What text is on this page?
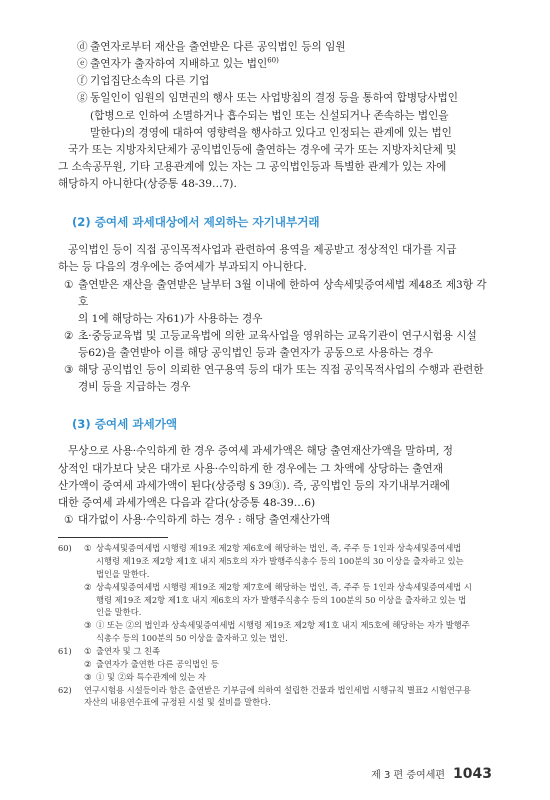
ⓓ 출연자로부터 재산을 출연받은 다른 공익법인 등의 임원

ⓔ 출연자가 출자하여 지배하고 있는 법인$^{60)}$

ⓕ 기업집단소속의 다른 기업

ⓖ 동일인이 임원의 임면권의 행사 또는 사업방침의 결정 등을 통하여 합병당사법인

(합병으로 인하여 소멸하거나 흡수되는 법인 또는 신설되거나 존속하는 법인을

말한다)의 경영에 대하여 영향력을 행사하고 있다고 인정되는 관계에 있는 법인

국가 또는 지방자치단체가 공익법인등에 출연하는 경우에 국가 또는 지방자치단체 및

그 소속공무원, 기타 고용관계에 있는 자는 그 공익법인등과 특별한 관계가 있는 자에

해당하지 아니한다(상증통 48-39…7).

(2) 증여세 과세대상에서 제외하는 자기내부거래

공익법인 등이 직접 공익목적사업과 관련하여 용역을 제공받고 정상적인 대가를 지급

하는 등 다음의 경우에는 증여세가 부과되지 아니한다.

① 출연받은 재산을 출연받은 날부터 3월 이내에 한하여 상속세및증여세법 제48조 제3항 각호
의 1에 해당하는 자61)가 사용하는 경우
② 초·중등교육법 및 고등교육법에 의한 교육사업을 영위하는 교육기관이 연구시험용 시설
등62)을 출연받아 이를 해당 공익법인 등과 출연자가 공동으로 사용하는 경우
③ 해당 공익법인 등이 의뢰한 연구용역 등의 대가 또는 직접 공익목적사업의 수행과 관련한
경비 등을 지급하는 경우
(3) 증여세 과세가액

무상으로 사용·수익하게 한 경우 증여세 과세가액은 해당 출연재산가액을 말하며, 정

상적인 대가보다 낮은 대가로 사용·수익하게 한 경우에는 그 차액에 상당하는 출연재

산가액이 증여세 과세가액이 된다(상증령 § 39③). 즉, 공익법인 등의 자기내부거래에

대한 증여세 과세가액은 다음과 같다(상증통 48-39…6)

① 대가없이 사용·수익하게 하는 경우 : 해당 출연재산가액
60) ① 상속세및증여세법 시행령 제19조 제2항 제6호에 해당하는 법인, 즉, 주주 등 1인과 상속세및증여세법
시행령 제19조 제2항 제1호 내지 제5호의 자가 발행주식총수 등의 100분의 30 이상을 출자하고 있는
법인을 말한다.
② 상속세및증여세법 시행령 제19조 제2항 제7호에 해당하는 법인, 즉, 주주 등 1인과 상속세및증여세법 시
행령 제19조 제2항 제1호 내지 제6호의 자가 발행주식총수 등의 100분의 50 이상을 출자하고 있는 법
인을 말한다.
③ ① 또는 ②의 법인과 상속세및증여세법 시행령 제19조 제2항 제1호 내지 제5호에 해당하는 자가 발행주
식총수 등의 100분의 50 이상을 출자하고 있는 법인.
61) ① 출연자 및 그 친족
② 출연자가 출연한 다른 공익법인 등
③ ① 및 ②와 특수관계에 있는 자
62) 연구시험용 시설등이라 함은 출연받은 기부금에 의하여 설립한 건물과 법인세법 시행규칙 별표2 시험연구용
자산의 내용연수표에 규정된 시설 및 설비를 말한다.
제 3 편 증여세편 1043
